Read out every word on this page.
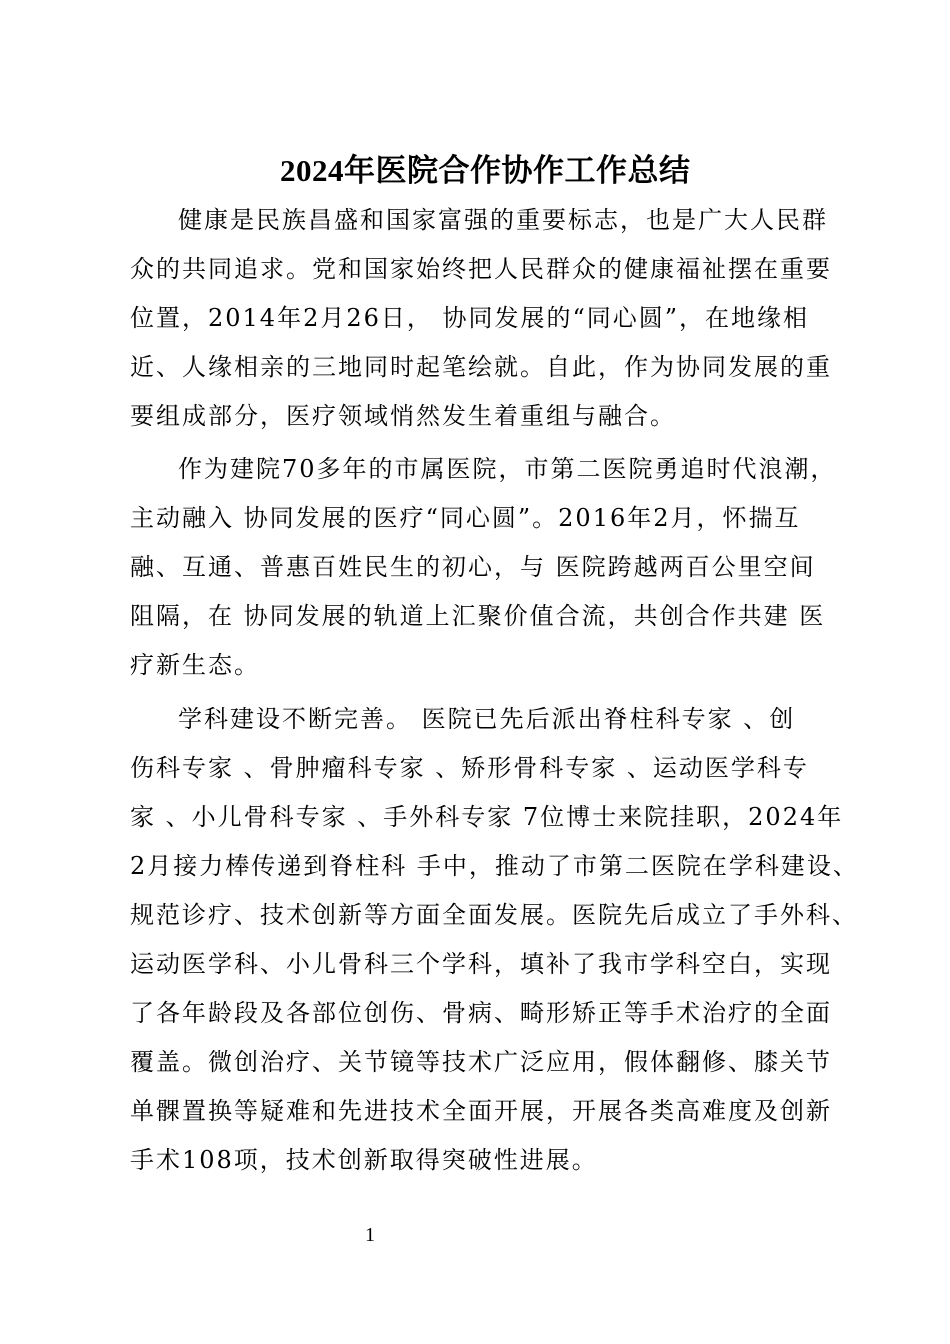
2024年医院合作协作工作总结
健康是民族昌盛和国家富强的重要标志，也是广大人民群
众的共同追求。党和国家始终把人民群众的健康福祉摆在重要
位置，2014年2月26日， 协同发展的“同心圆”，在地缘相
近、人缘相亲的三地同时起笔绘就。自此，作为协同发展的重
要组成部分，医疗领域悄然发生着重组与融合。
作为建院70多年的市属医院，市第二医院勇追时代浪潮，
主动融入 协同发展的医疗“同心圆”。2016年2月，怀揣互
融、互通、普惠百姓民生的初心，与 医院跨越两百公里空间
阻隔，在 协同发展的轨道上汇聚价值合流，共创合作共建 医
疗新生态。
学科建设不断完善。 医院已先后派出脊柱科专家 、创
伤科专家 、骨肿瘤科专家 、矫形骨科专家 、运动医学科专
家 、小儿骨科专家 、手外科专家 7位博士来院挂职，2024年
2月接力棒传递到脊柱科 手中，推动了市第二医院在学科建设、
规范诊疗、技术创新等方面全面发展。医院先后成立了手外科、
运动医学科、小儿骨科三个学科，填补了我市学科空白，实现
了各年龄段及各部位创伤、骨病、畸形矫正等手术治疗的全面
覆盖。微创治疗、关节镜等技术广泛应用，假体翻修、膝关节
单髁置换等疑难和先进技术全面开展，开展各类高难度及创新
手术108项，技术创新取得突破性进展。
1
